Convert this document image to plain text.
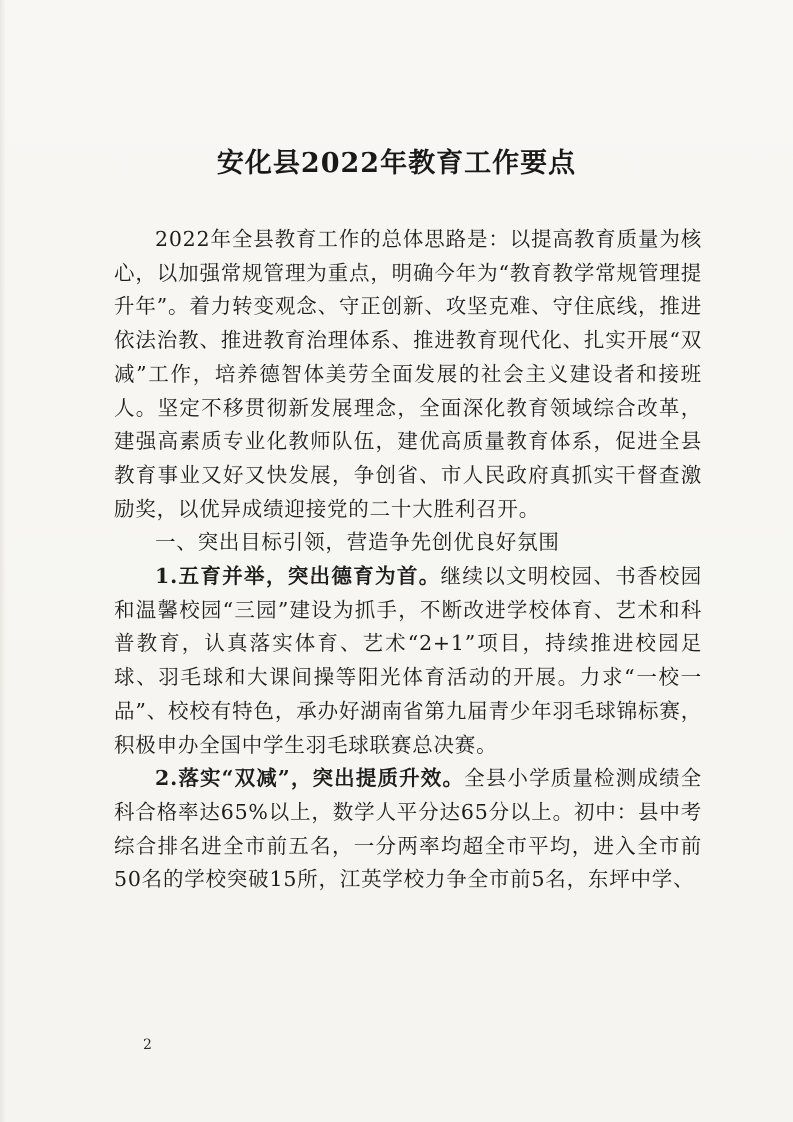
安化县2022年教育工作要点

2022年全县教育工作的总体思路是：以提高教育质量为核心，以加强常规管理为重点，明确今年为“教育教学常规管理提升年”。着力转变观念、守正创新、攻坚克难、守住底线，推进依法治教、推进教育治理体系、推进教育现代化、扎实开展“双减”工作，培养德智体美劳全面发展的社会主义建设者和接班人。坚定不移贯彻新发展理念，全面深化教育领域综合改革，建强高素质专业化教师队伍，建优高质量教育体系，促进全县教育事业又好又快发展，争创省、市人民政府真抓实干督查激励奖，以优异成绩迎接党的二十大胜利召开。

一、突出目标引领，营造争先创优良好氛围

1.五育并举，突出德育为首。继续以文明校园、书香校园和温馨校园“三园”建设为抓手，不断改进学校体育、艺术和科普教育，认真落实体育、艺术“2+1”项目，持续推进校园足球、羽毛球和大课间操等阳光体育活动的开展。力求“一校一品”、校校有特色，承办好湖南省第九届青少年羽毛球锦标赛，积极申办全国中学生羽毛球联赛总决赛。

2.落实“双减”，突出提质升效。全县小学质量检测成绩全科合格率达65%以上，数学人平分达65分以上。初中：县中考综合排名进全市前五名，一分两率均超全市平均，进入全市前50名的学校突破15所，江英学校力争全市前5名，东坪中学、

2
